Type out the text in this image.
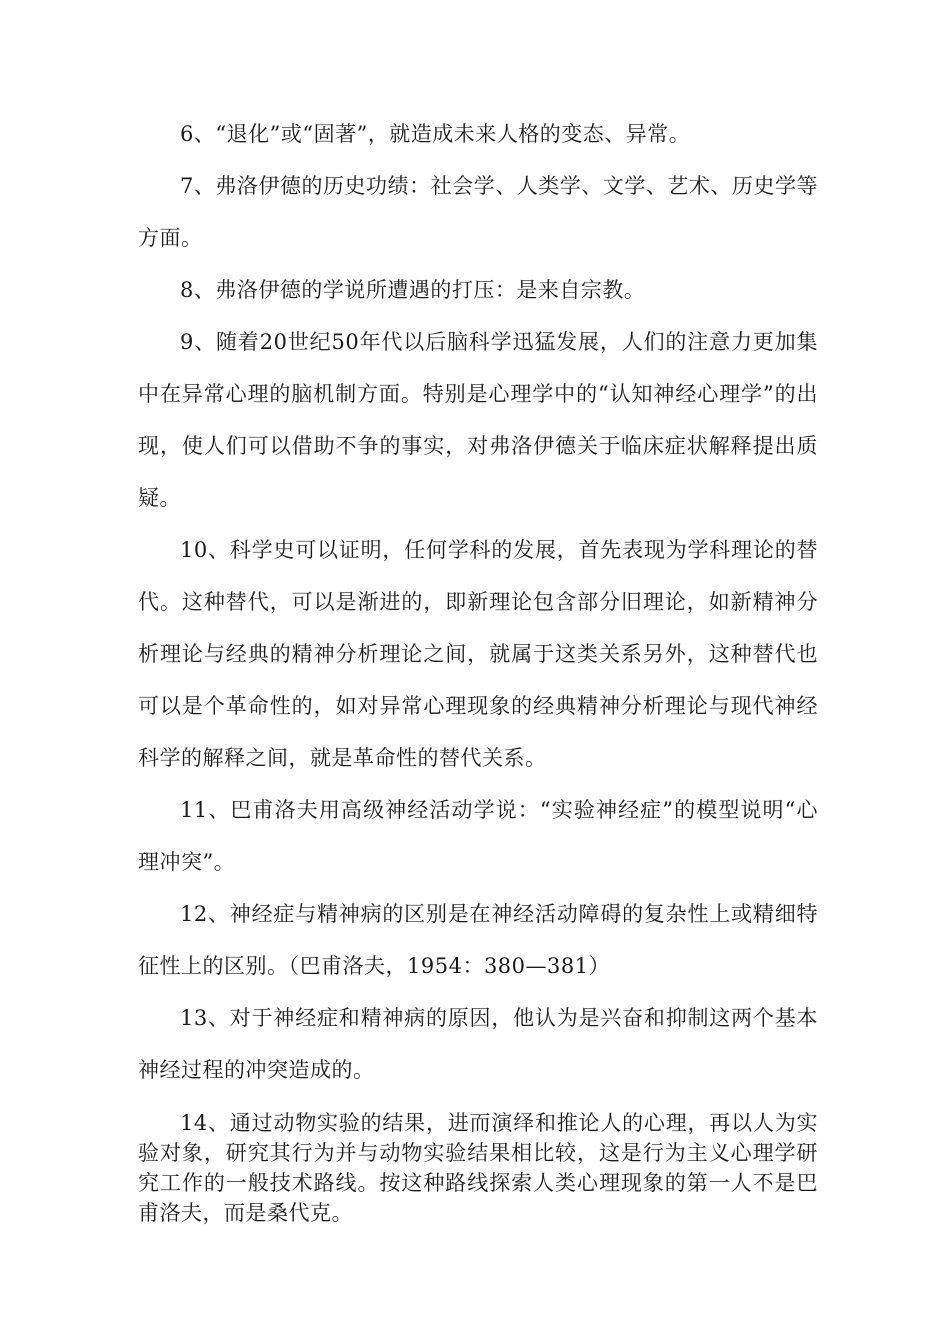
6、“退化”或“固著”，就造成未来人格的变态、异常。

7、弗洛伊德的历史功绩：社会学、人类学、文学、艺术、历史学等方面。

8、弗洛伊德的学说所遭遇的打压：是来自宗教。

9、随着20世纪50年代以后脑科学迅猛发展，人们的注意力更加集中在异常心理的脑机制方面。特别是心理学中的“认知神经心理学”的出现，使人们可以借助不争的事实，对弗洛伊德关于临床症状解释提出质疑。

10、科学史可以证明，任何学科的发展，首先表现为学科理论的替代。这种替代，可以是渐进的，即新理论包含部分旧理论，如新精神分析理论与经典的精神分析理论之间，就属于这类关系另外，这种替代也可以是个革命性的，如对异常心理现象的经典精神分析理论与现代神经科学的解释之间，就是革命性的替代关系。

11、巴甫洛夫用高级神经活动学说：“实验神经症”的模型说明“心理冲突”。

12、神经症与精神病的区别是在神经活动障碍的复杂性上或精细特征性上的区别。（巴甫洛夫，1954：380—381）

13、对于神经症和精神病的原因，他认为是兴奋和抑制这两个基本神经过程的冲突造成的。

14、通过动物实验的结果，进而演绎和推论人的心理，再以人为实验对象，研究其行为并与动物实验结果相比较，这是行为主义心理学研究工作的一般技术路线。按这种路线探索人类心理现象的第一人不是巴甫洛夫，而是桑代克。
